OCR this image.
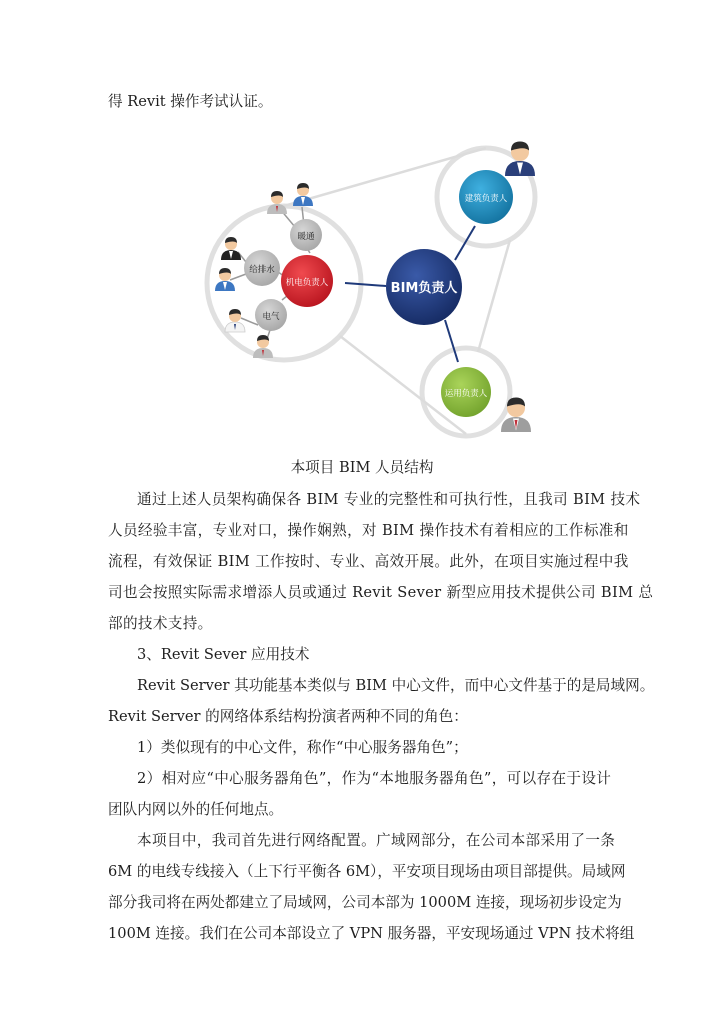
得 Revit 操作考试认证。
BIM负责人
机电负责人
建筑负责人
运用负责人
暖通
给排水
电气
本项目 BIM 人员结构
通过上述人员架构确保各 BIM 专业的完整性和可执行性，且我司 BIM 技术
人员经验丰富，专业对口，操作娴熟，对 BIM 操作技术有着相应的工作标准和
流程，有效保证 BIM 工作按时、专业、高效开展。此外，在项目实施过程中我
司也会按照实际需求增添人员或通过 Revit Sever 新型应用技术提供公司 BIM 总
部的技术支持。
3、Revit Sever 应用技术
Revit Server 其功能基本类似与 BIM 中心文件，而中心文件基于的是局域网。
Revit Server 的网络体系结构扮演者两种不同的角色：
1）类似现有的中心文件，称作“中心服务器角色”；
2）相对应“中心服务器角色”，作为“本地服务器角色”，可以存在于设计
团队内网以外的任何地点。
本项目中，我司首先进行网络配置。广域网部分，在公司本部采用了一条
6M 的电线专线接入（上下行平衡各 6M），平安项目现场由项目部提供。局域网
部分我司将在两处都建立了局域网，公司本部为 1000M 连接，现场初步设定为
100M 连接。我们在公司本部设立了 VPN 服务器，平安现场通过 VPN 技术将组
